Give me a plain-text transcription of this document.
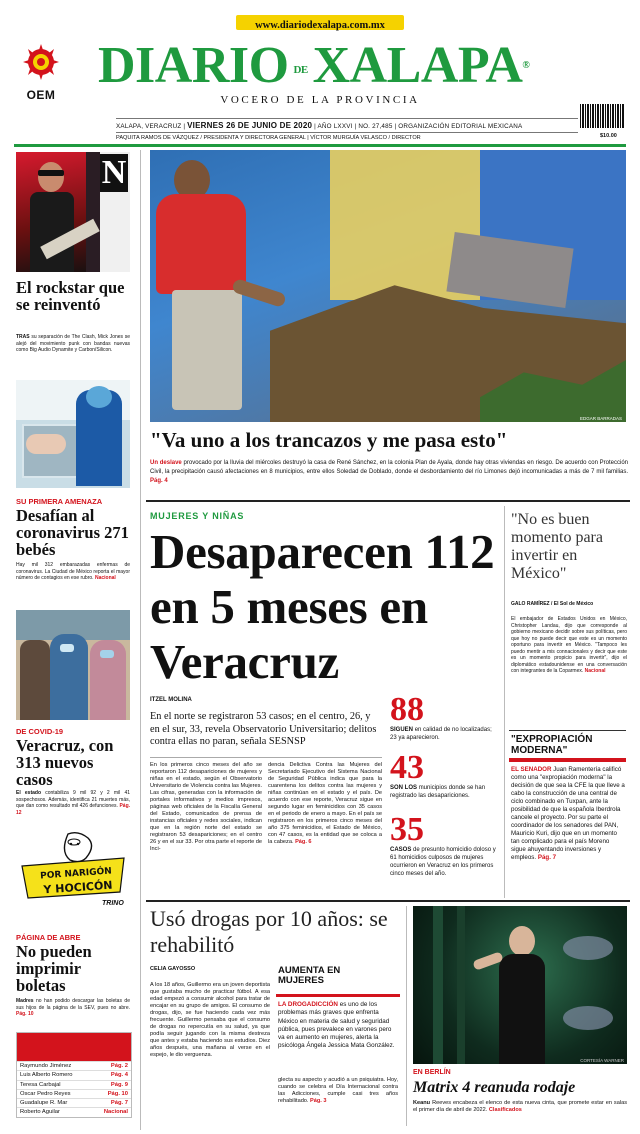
www.diariodexalapa.com.mx
OEM
DIARIO DEXALAPA®
VOCERO DE LA PROVINCIA
$10.00
XALAPA, VERACRUZ | VIERNES 26 DE JUNIO DE 2020 | AÑO LXXVI | NO. 27,485 | ORGANIZACIÓN EDITORIAL MEXICANA
PAQUITA RAMOS DE VÁZQUEZ / PRESIDENTA Y DIRECTORA GENERAL | VÍCTOR MURGUÍA VELASCO / DIRECTOR
N
El rockstar que se reinventó
TRAS su separación de The Clash, Mick Jones se alejó del movimiento punk con bandas nuevas como Big Audio Dynamite y Carbon/Silicon.
SU PRIMERA AMENAZA
Desafían al coronavirus 271 bebés
Hay mil 312 embarazadas enfermas de coronavirus. La Ciudad de México reporta el mayor número de contagios en ese rubro. Nacional
DE COVID-19
Veracruz, con 313 nuevos casos
El estado contabiliza 9 mil 92 y 2 mil 41 sospechosos. Además, identifica 21 muertes más, que dan como resultado mil 426 defunciones. Pág. 12
POR NARIGÓN
Y HOCICÓN
TRINO
PÁGINA DE ABRE
No pueden imprimir boletas
Madres no han podido descargar las boletas de sus hijos de la página de la SEV, pues no abre. Pág. 10
Raymundo Jiménez	Pág. 2
Luis Alberto Romero	Pág. 4
Teresa Carbajal	Pág. 9
Oscar Pedro Reyes	Pág. 10
Guadalupe R. Mar	Pág. 7
Roberto Aguilar	Nacional
EDGAR BARRADAS
"Va uno a los trancazos y me pasa esto"
Un deslave provocado por la lluvia del miércoles destruyó la casa de René Sánchez, en la colonia Plan de Ayala, donde hay otras viviendas en riesgo. De acuerdo con Protección Civil, la precipitación causó afectaciones en 8 municipios, entre ellos Soledad de Doblado, donde el desbordamiento del río Limones dejó incomunicadas a más de 7 mil familias. Pág. 4
MUJERES Y NIÑAS
Desaparecen 112 en 5 meses en Veracruz
ITZEL MOLINA
En el norte se registraron 53 casos; en el centro, 26, y en el sur, 33, revela Observatorio Universitario; delitos contra ellas no paran, señala SESNSP
En los primeros cinco meses del año se reportaron 112 desapariciones de mujeres y niñas en el estado, según el Observatorio Universitario de Violencia contra las Mujeres. Las cifras, generadas con la información de portales informativos y medios impresos, páginas web oficiales de la Fiscalía General del Estado, comunicados de prensa de instancias oficiales y redes sociales, indican que en la región norte del estado se registraron 53 desapariciones; en el centro 26 y en el sur 33. Por otra parte el reporte de Inci-
dencia Delictiva Contra las Mujeres del Secretariado Ejecutivo del Sistema Nacional de Seguridad Pública indica que para la cuarentena los delitos contra las mujeres y niñas continúan en el estado y el país. De acuerdo con ese reporte, Veracruz sigue en segundo lugar en feminicidios con 35 casos en el periodo de enero a mayo. En el país se registraron en los primeros cinco meses del año 375 feminicidios, el Estado de México, con 47 casos, es la entidad que se coloca a la cabeza. Pág. 6
88
SIGUEN en calidad de no localizadas; 23 ya aparecieron.
43
SON LOS municipios donde se han registrado las desapariciones.
35
CASOS de presunto homicidio doloso y 61 homicidios culposos de mujeres ocurrieron en Veracruz en los primeros cinco meses del año.
"No es buen momento para invertir en México"
GALO RAMÍREZ / El Sol de México
El embajador de Estados Unidos en México, Christopher Landau, dijo que corresponde al gobierno mexicano decidir sobre sus políticas, pero que hoy no puede decir que este es un momento oportuno para invertir en México. "Tampoco les puedo mentir a mis connacionales y decir que este es un momento propicio para invertir", dijo el diplomático estadounidense en una conversación con integrantes de la Coparmex. Nacional
"EXPROPIACIÓN MODERNA"
EL SENADOR Juan Ramentería calificó como una "expropiación moderna" la decisión de que sea la CFE la que lleve a cabo la construcción de una central de ciclo combinado en Tuxpan, ante la posibilidad de que la española Iberdrola cancele el proyecto. Por su parte el coordinador de los senadores del PAN, Mauricio Kuri, dijo que en un momento tan complicado para el país Moreno sigue ahuyentando inversiones y empleos. Pág. 7
Usó drogas por 10 años: se rehabilitó
CELIA GAYOSSO
A los 18 años, Guillermo era un joven deportista que gustaba mucho de practicar fútbol. A esa edad empezó a consumir alcohol para tratar de encajar en su grupo de amigos. El consumo de drogas, dijo, se fue haciendo cada vez más frecuente. Guillermo pensaba que el consumo de drogas no repercutía en su salud, ya que podía seguir jugando con la misma destreza que antes y estaba haciendo sus estudios. Diez años después, una mañana al verse en el espejo, le dio verguenza.
AUMENTA EN MUJERES
LA DROGADICCIÓN es uno de los problemas más graves que enfrenta México en materia de salud y seguridad pública, pues prevalece en varones pero va en aumento en mujeres, alerta la psicóloga Ángela Jessica Mata González.
glecta su aspecto y acudió a un psiquiatra. Hoy, cuando se celebra el Día Internacional contra las Adicciones, cumple casi tres años rehabilitado. Pág. 3
CORTESÍA WARNER
EN BERLÍN
Matrix 4 reanuda rodaje
Keanu Reeves encabeza el elenco de esta nueva cinta, que promete estar en salas el primer día de abril de 2022. Clasificados
